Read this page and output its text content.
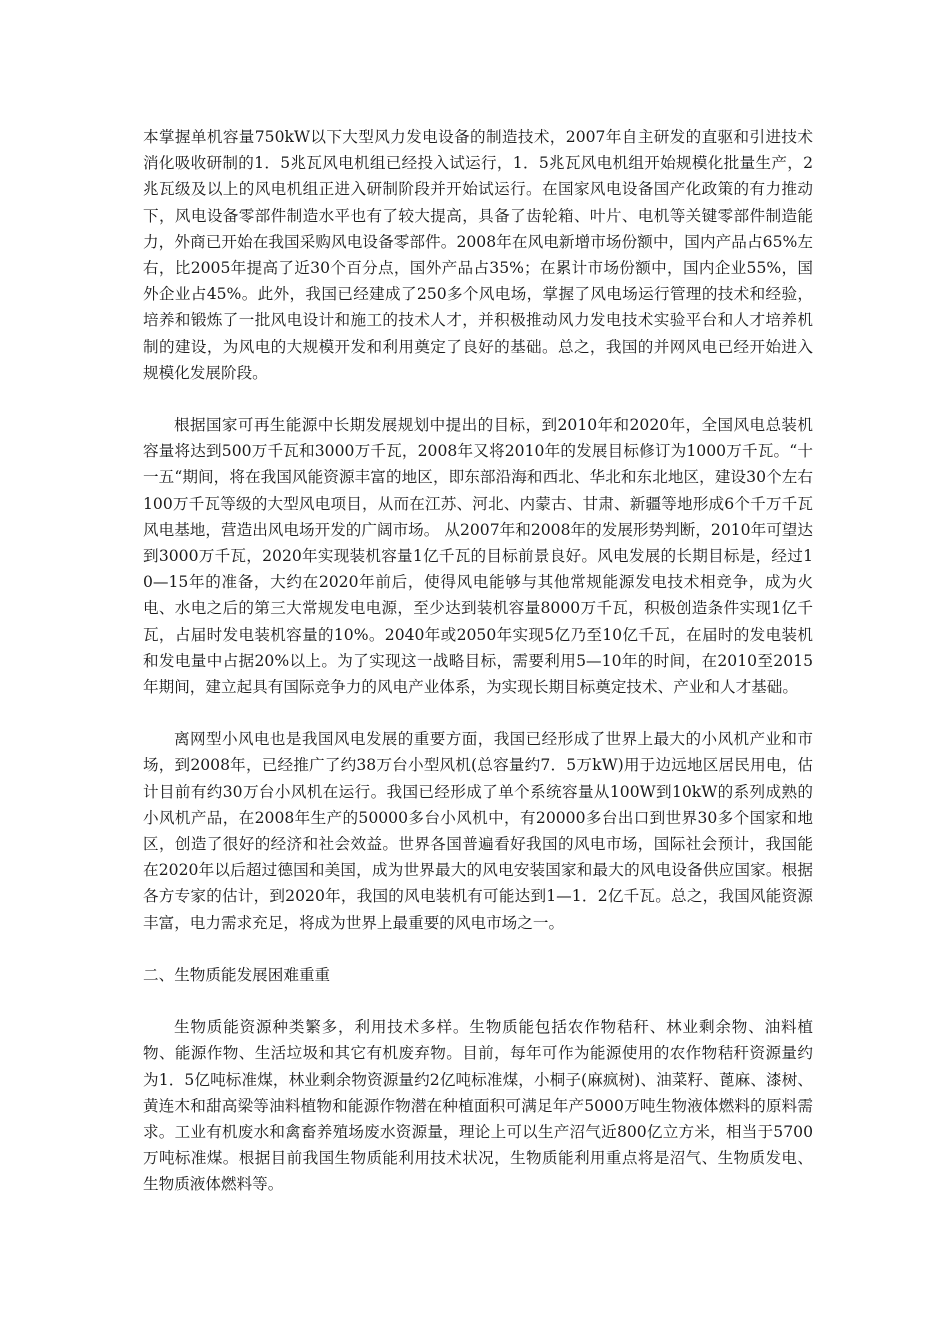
本掌握单机容量750kW以下大型风力发电设备的制造技术，2007年自主研发的直驱和引进技术消化吸收研制的1．5兆瓦风电机组已经投入试运行，1．5兆瓦风电机组开始规模化批量生产，2兆瓦级及以上的风电机组正进入研制阶段并开始试运行。在国家风电设备国产化政策的有力推动下，风电设备零部件制造水平也有了较大提高，具备了齿轮箱、叶片、电机等关键零部件制造能力，外商已开始在我国采购风电设备零部件。2008年在风电新增市场份额中，国内产品占65%左右，比2005年提高了近30个百分点，国外产品占35%；在累计市场份额中，国内企业55%，国外企业占45%。此外，我国已经建成了250多个风电场，掌握了风电场运行管理的技术和经验，培养和锻炼了一批风电设计和施工的技术人才，并积极推动风力发电技术实验平台和人才培养机制的建设，为风电的大规模开发和利用奠定了良好的基础。总之，我国的并网风电已经开始进入规模化发展阶段。

根据国家可再生能源中长期发展规划中提出的目标，到2010年和2020年，全国风电总装机容量将达到500万千瓦和3000万千瓦，2008年又将2010年的发展目标修订为1000万千瓦。“十一五“期间，将在我国风能资源丰富的地区，即东部沿海和西北、华北和东北地区，建设30个左右100万千瓦等级的大型风电项目，从而在江苏、河北、内蒙古、甘肃、新疆等地形成6个千万千瓦风电基地，营造出风电场开发的广阔市场。 从2007年和2008年的发展形势判断，2010年可望达到3000万千瓦，2020年实现装机容量1亿千瓦的目标前景良好。风电发展的长期目标是，经过10—15年的准备，大约在2020年前后，使得风电能够与其他常规能源发电技术相竞争，成为火电、水电之后的第三大常规发电电源，至少达到装机容量8000万千瓦，积极创造条件实现1亿千瓦，占届时发电装机容量的10%。2040年或2050年实现5亿乃至10亿千瓦，在届时的发电装机和发电量中占据20%以上。为了实现这一战略目标，需要利用5—10年的时间，在2010至2015年期间，建立起具有国际竞争力的风电产业体系，为实现长期目标奠定技术、产业和人才基础。

离网型小风电也是我国风电发展的重要方面，我国已经形成了世界上最大的小风机产业和市场，到2008年，已经推广了约38万台小型风机(总容量约7．5万kW)用于边远地区居民用电，估计目前有约30万台小风机在运行。我国已经形成了单个系统容量从100W到10kW的系列成熟的小风机产品，在2008年生产的50000多台小风机中，有20000多台出口到世界30多个国家和地区，创造了很好的经济和社会效益。世界各国普遍看好我国的风电市场，国际社会预计，我国能在2020年以后超过德国和美国，成为世界最大的风电安装国家和最大的风电设备供应国家。根据各方专家的估计，到2020年，我国的风电装机有可能达到1—1．2亿千瓦。总之，我国风能资源丰富，电力需求充足，将成为世界上最重要的风电市场之一。

二、生物质能发展困难重重

生物质能资源种类繁多，利用技术多样。生物质能包括农作物秸秆、林业剩余物、油料植物、能源作物、生活垃圾和其它有机废弃物。目前，每年可作为能源使用的农作物秸秆资源量约为1．5亿吨标准煤，林业剩余物资源量约2亿吨标准煤，小桐子(麻疯树)、油菜籽、蓖麻、漆树、黄连木和甜高梁等油料植物和能源作物潜在种植面积可满足年产5000万吨生物液体燃料的原料需求。工业有机废水和禽畜养殖场废水资源量，理论上可以生产沼气近800亿立方米，相当于5700万吨标准煤。根据目前我国生物质能利用技术状况，生物质能利用重点将是沼气、生物质发电、生物质液体燃料等。
